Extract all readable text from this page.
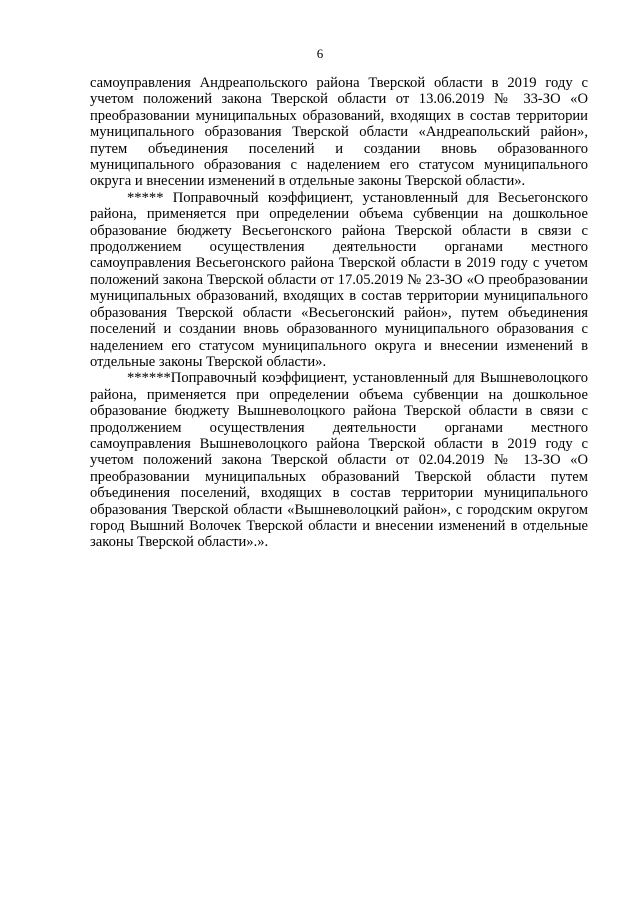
6

самоуправления Андреапольского района Тверской области в 2019 году с учетом положений закона Тверской области от 13.06.2019 № 33-ЗО «О преобразовании муниципальных образований, входящих в состав территории муниципального образования Тверской области «Андреапольский район», путем объединения поселений и создании вновь образованного муниципального образования с наделением его статусом муниципального округа и внесении изменений в отдельные законы Тверской области».

***** Поправочный коэффициент, установленный для Весьегонского района, применяется при определении объема субвенции на дошкольное образование бюджету Весьегонского района Тверской области в связи с продолжением осуществления деятельности органами местного самоуправления Весьегонского района Тверской области в 2019 году с учетом положений закона Тверской области от 17.05.2019 № 23-ЗО «О преобразовании муниципальных образований, входящих в состав территории муниципального образования Тверской области «Весьегонский район», путем объединения поселений и создании вновь образованного муниципального образования с наделением его статусом муниципального округа и внесении изменений в отдельные законы Тверской области».

******Поправочный коэффициент, установленный для Вышневолоцкого района, применяется при определении объема субвенции на дошкольное образование бюджету Вышневолоцкого района Тверской области в связи с продолжением осуществления деятельности органами местного самоуправления Вышневолоцкого района Тверской области в 2019 году с учетом положений закона Тверской области от 02.04.2019 № 13-ЗО «О преобразовании муниципальных образований Тверской области путем объединения поселений, входящих в состав территории муниципального образования Тверской области «Вышневолоцкий район», с городским округом город Вышний Волочек Тверской области и внесении изменений в отдельные законы Тверской области».».
